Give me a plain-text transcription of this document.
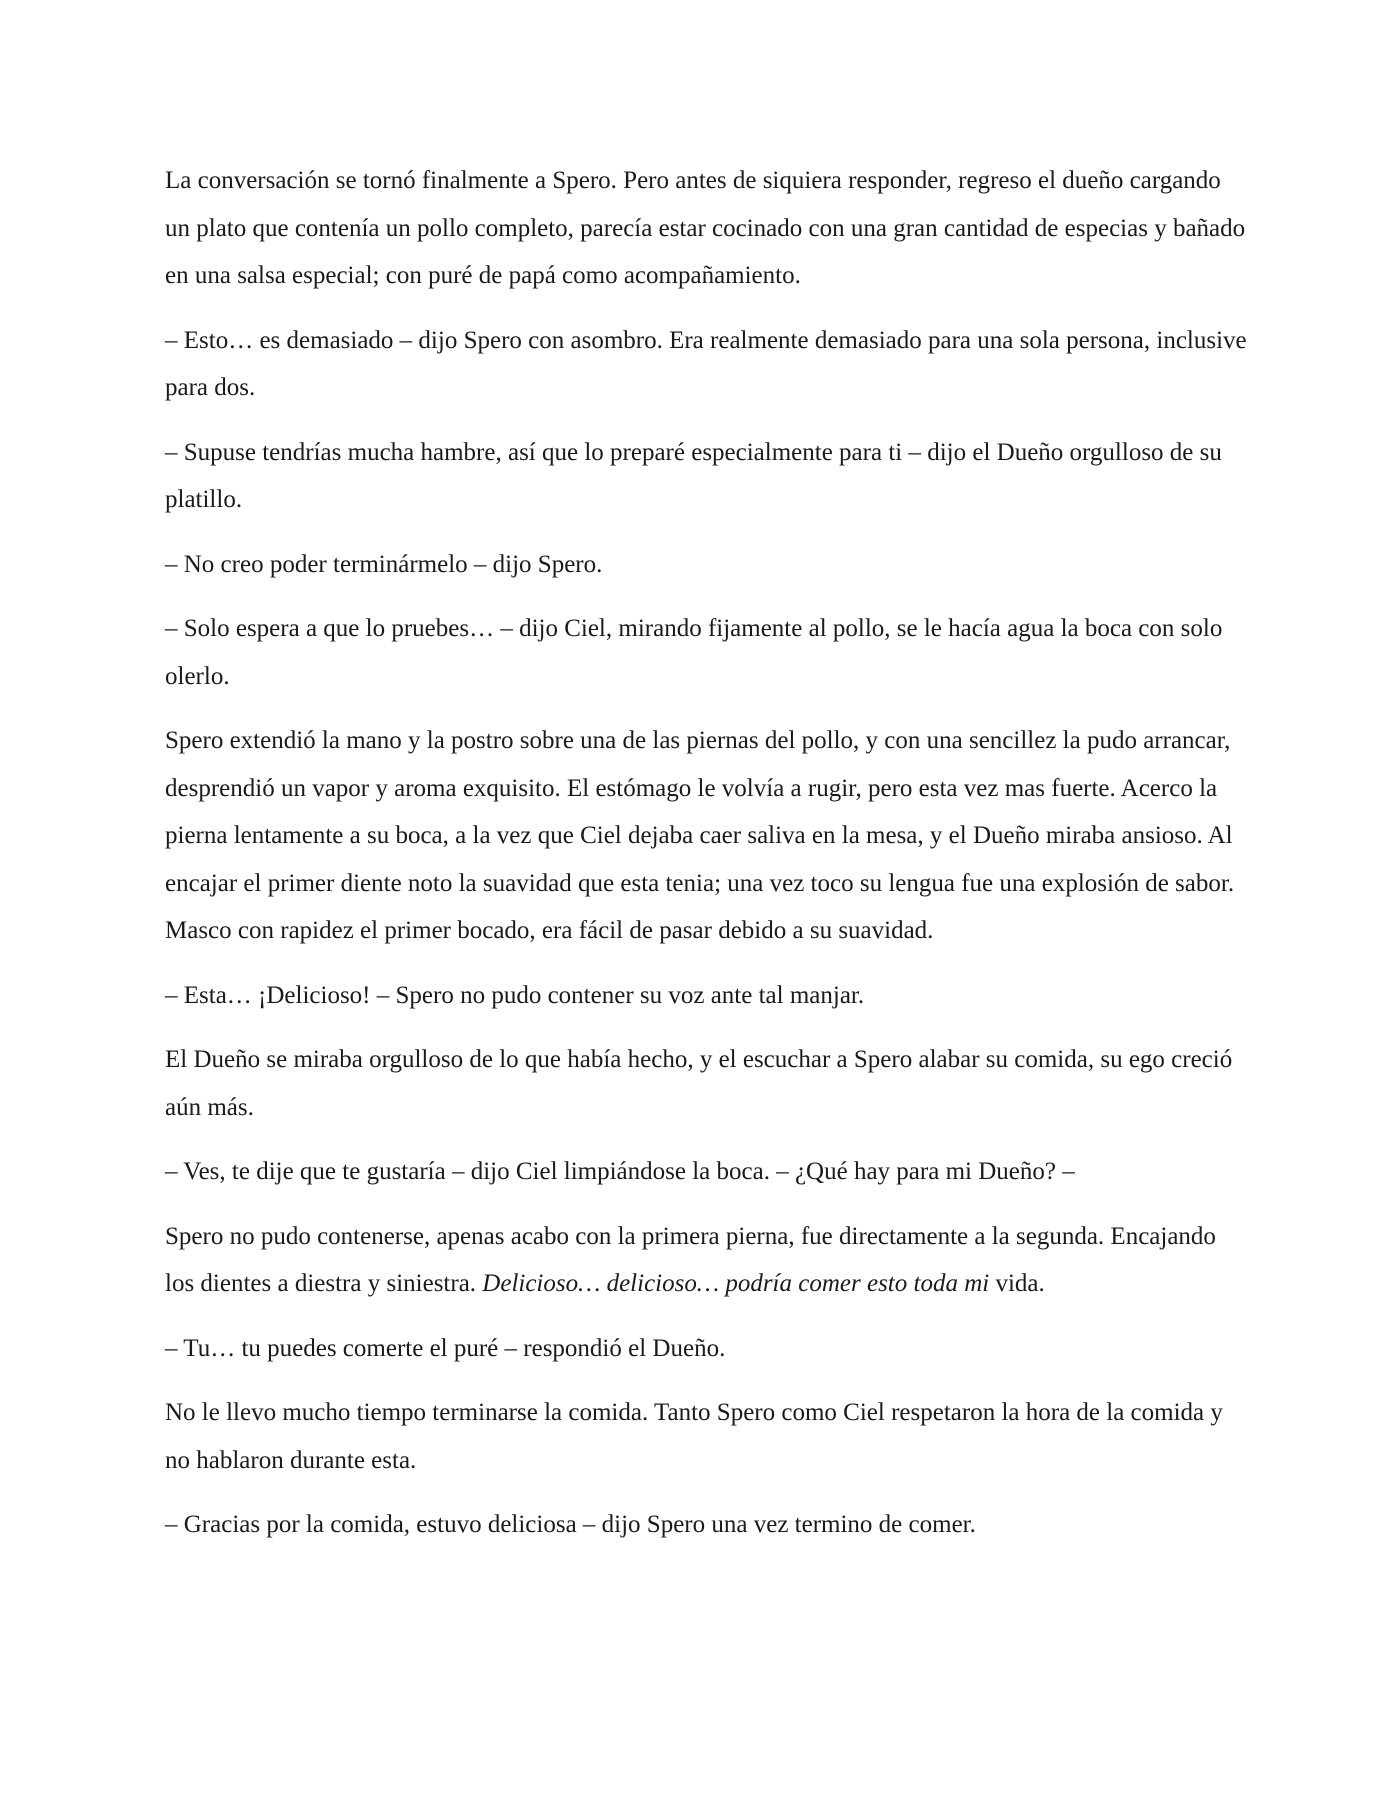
La conversación se tornó finalmente a Spero. Pero antes de siquiera responder, regreso el dueño cargando un plato que contenía un pollo completo, parecía estar cocinado con una gran cantidad de especias y bañado en una salsa especial; con puré de papá como acompañamiento.

– Esto… es demasiado – dijo Spero con asombro. Era realmente demasiado para una sola persona, inclusive para dos.

– Supuse tendrías mucha hambre, así que lo preparé especialmente para ti – dijo el Dueño orgulloso de su platillo.

– No creo poder terminármelo – dijo Spero.

– Solo espera a que lo pruebes… – dijo Ciel, mirando fijamente al pollo, se le hacía agua la boca con solo olerlo.

Spero extendió la mano y la postro sobre una de las piernas del pollo, y con una sencillez la pudo arrancar, desprendió un vapor y aroma exquisito. El estómago le volvía a rugir, pero esta vez mas fuerte. Acerco la pierna lentamente a su boca, a la vez que Ciel dejaba caer saliva en la mesa, y el Dueño miraba ansioso. Al encajar el primer diente noto la suavidad que esta tenia; una vez toco su lengua fue una explosión de sabor. Masco con rapidez el primer bocado, era fácil de pasar debido a su suavidad.

– Esta… ¡Delicioso! – Spero no pudo contener su voz ante tal manjar.

El Dueño se miraba orgulloso de lo que había hecho, y el escuchar a Spero alabar su comida, su ego creció aún más.

– Ves, te dije que te gustaría – dijo Ciel limpiándose la boca. – ¿Qué hay para mi Dueño? –

Spero no pudo contenerse, apenas acabo con la primera pierna, fue directamente a la segunda. Encajando los dientes a diestra y siniestra. Delicioso… delicioso… podría comer esto toda mi vida.

– Tu… tu puedes comerte el puré – respondió el Dueño.

No le llevo mucho tiempo terminarse la comida. Tanto Spero como Ciel respetaron la hora de la comida y no hablaron durante esta.

– Gracias por la comida, estuvo deliciosa – dijo Spero una vez termino de comer.
